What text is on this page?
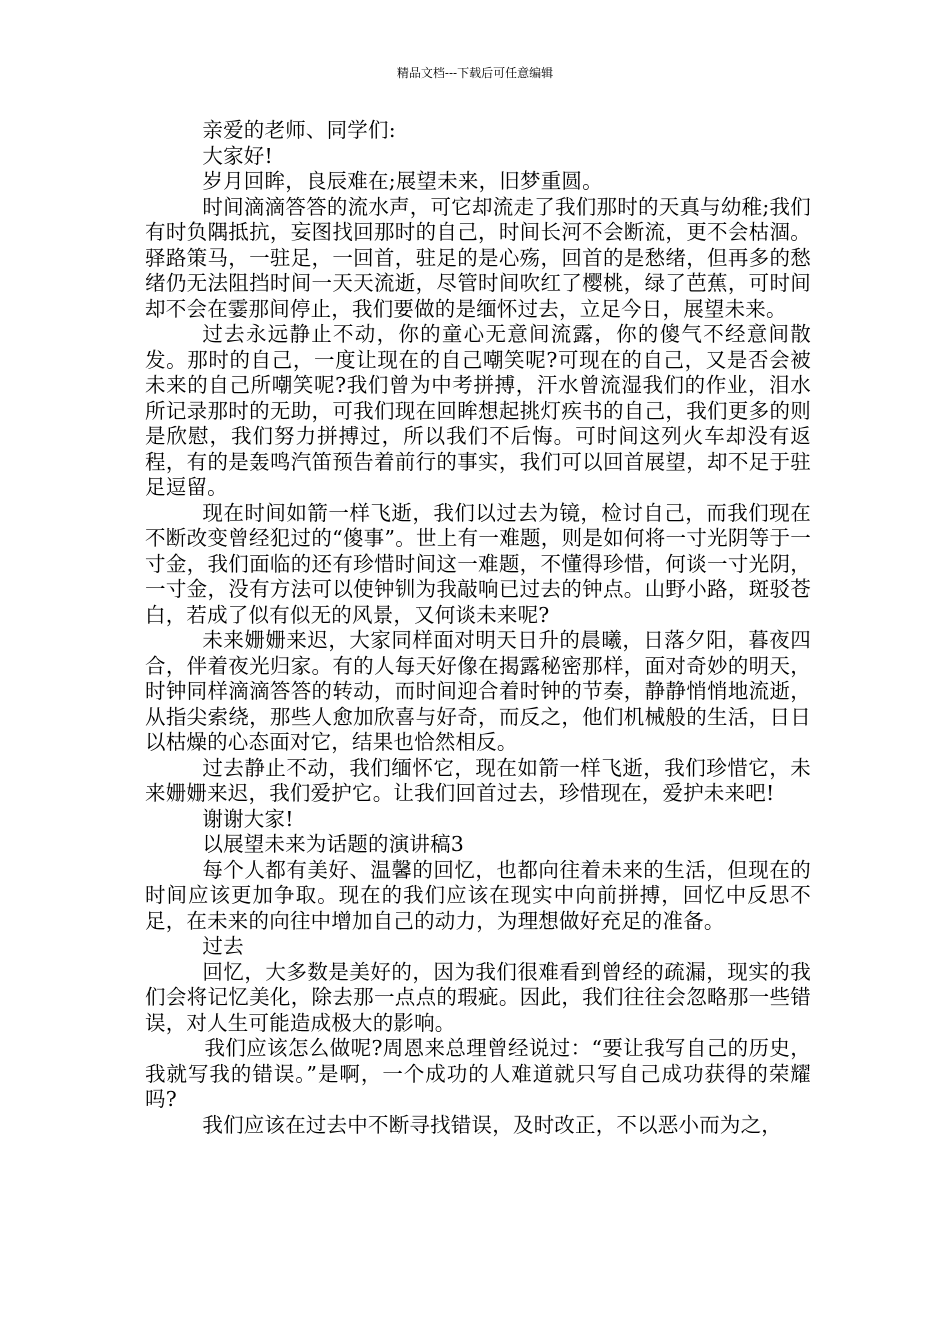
精品文档---下载后可任意编辑

亲爱的老师、同学们:

大家好!

岁月回眸，良辰难在;展望未来，旧梦重圆。

时间滴滴答答的流水声，可它却流走了我们那时的天真与幼稚;我们有时负隅抵抗，妄图找回那时的自己，时间长河不会断流，更不会枯涸。驿路策马，一驻足，一回首，驻足的是心殇，回首的是愁绪，但再多的愁绪仍无法阻挡时间一天天流逝，尽管时间吹红了樱桃，绿了芭蕉，可时间却不会在霎那间停止，我们要做的是缅怀过去，立足今日，展望未来。

过去永远静止不动，你的童心无意间流露，你的傻气不经意间散发。那时的自己，一度让现在的自己嘲笑呢?可现在的自己，又是否会被未来的自己所嘲笑呢?我们曾为中考拼搏，汗水曾流湿我们的作业，泪水所记录那时的无助，可我们现在回眸想起挑灯疾书的自己，我们更多的则是欣慰，我们努力拼搏过，所以我们不后悔。可时间这列火车却没有返程，有的是轰鸣汽笛预告着前行的事实，我们可以回首展望，却不足于驻足逗留。

现在时间如箭一样飞逝，我们以过去为镜，检讨自己，而我们现在不断改变曾经犯过的“傻事”。世上有一难题，则是如何将一寸光阴等于一寸金，我们面临的还有珍惜时间这一难题，不懂得珍惜，何谈一寸光阴，一寸金，没有方法可以使钟钏为我敲响已过去的钟点。山野小路，斑驳苍白，若成了似有似无的风景，又何谈未来呢?

未来姗姗来迟，大家同样面对明天日升的晨曦，日落夕阳，暮夜四合，伴着夜光归家。有的人每天好像在揭露秘密那样，面对奇妙的明天，时钟同样滴滴答答的转动，而时间迎合着时钟的节奏，静静悄悄地流逝，从指尖索绕，那些人愈加欣喜与好奇，而反之，他们机械般的生活，日日以枯燥的心态面对它，结果也恰然相反。

过去静止不动，我们缅怀它，现在如箭一样飞逝，我们珍惜它，未来姗姗来迟，我们爱护它。让我们回首过去，珍惜现在，爱护未来吧!

谢谢大家!

以展望未来为话题的演讲稿3

每个人都有美好、温馨的回忆，也都向往着未来的生活，但现在的时间应该更加争取。现在的我们应该在现实中向前拼搏，回忆中反思不足，在未来的向往中增加自己的动力，为理想做好充足的准备。

过去

回忆，大多数是美好的，因为我们很难看到曾经的疏漏，现实的我们会将记忆美化，除去那一点点的瑕疵。因此，我们往往会忽略那一些错误，对人生可能造成极大的影响。

我们应该怎么做呢?周恩来总理曾经说过：“要让我写自己的历史，我就写我的错误。”是啊，一个成功的人难道就只写自己成功获得的荣耀吗?

我们应该在过去中不断寻找错误，及时改正，不以恶小而为之，
